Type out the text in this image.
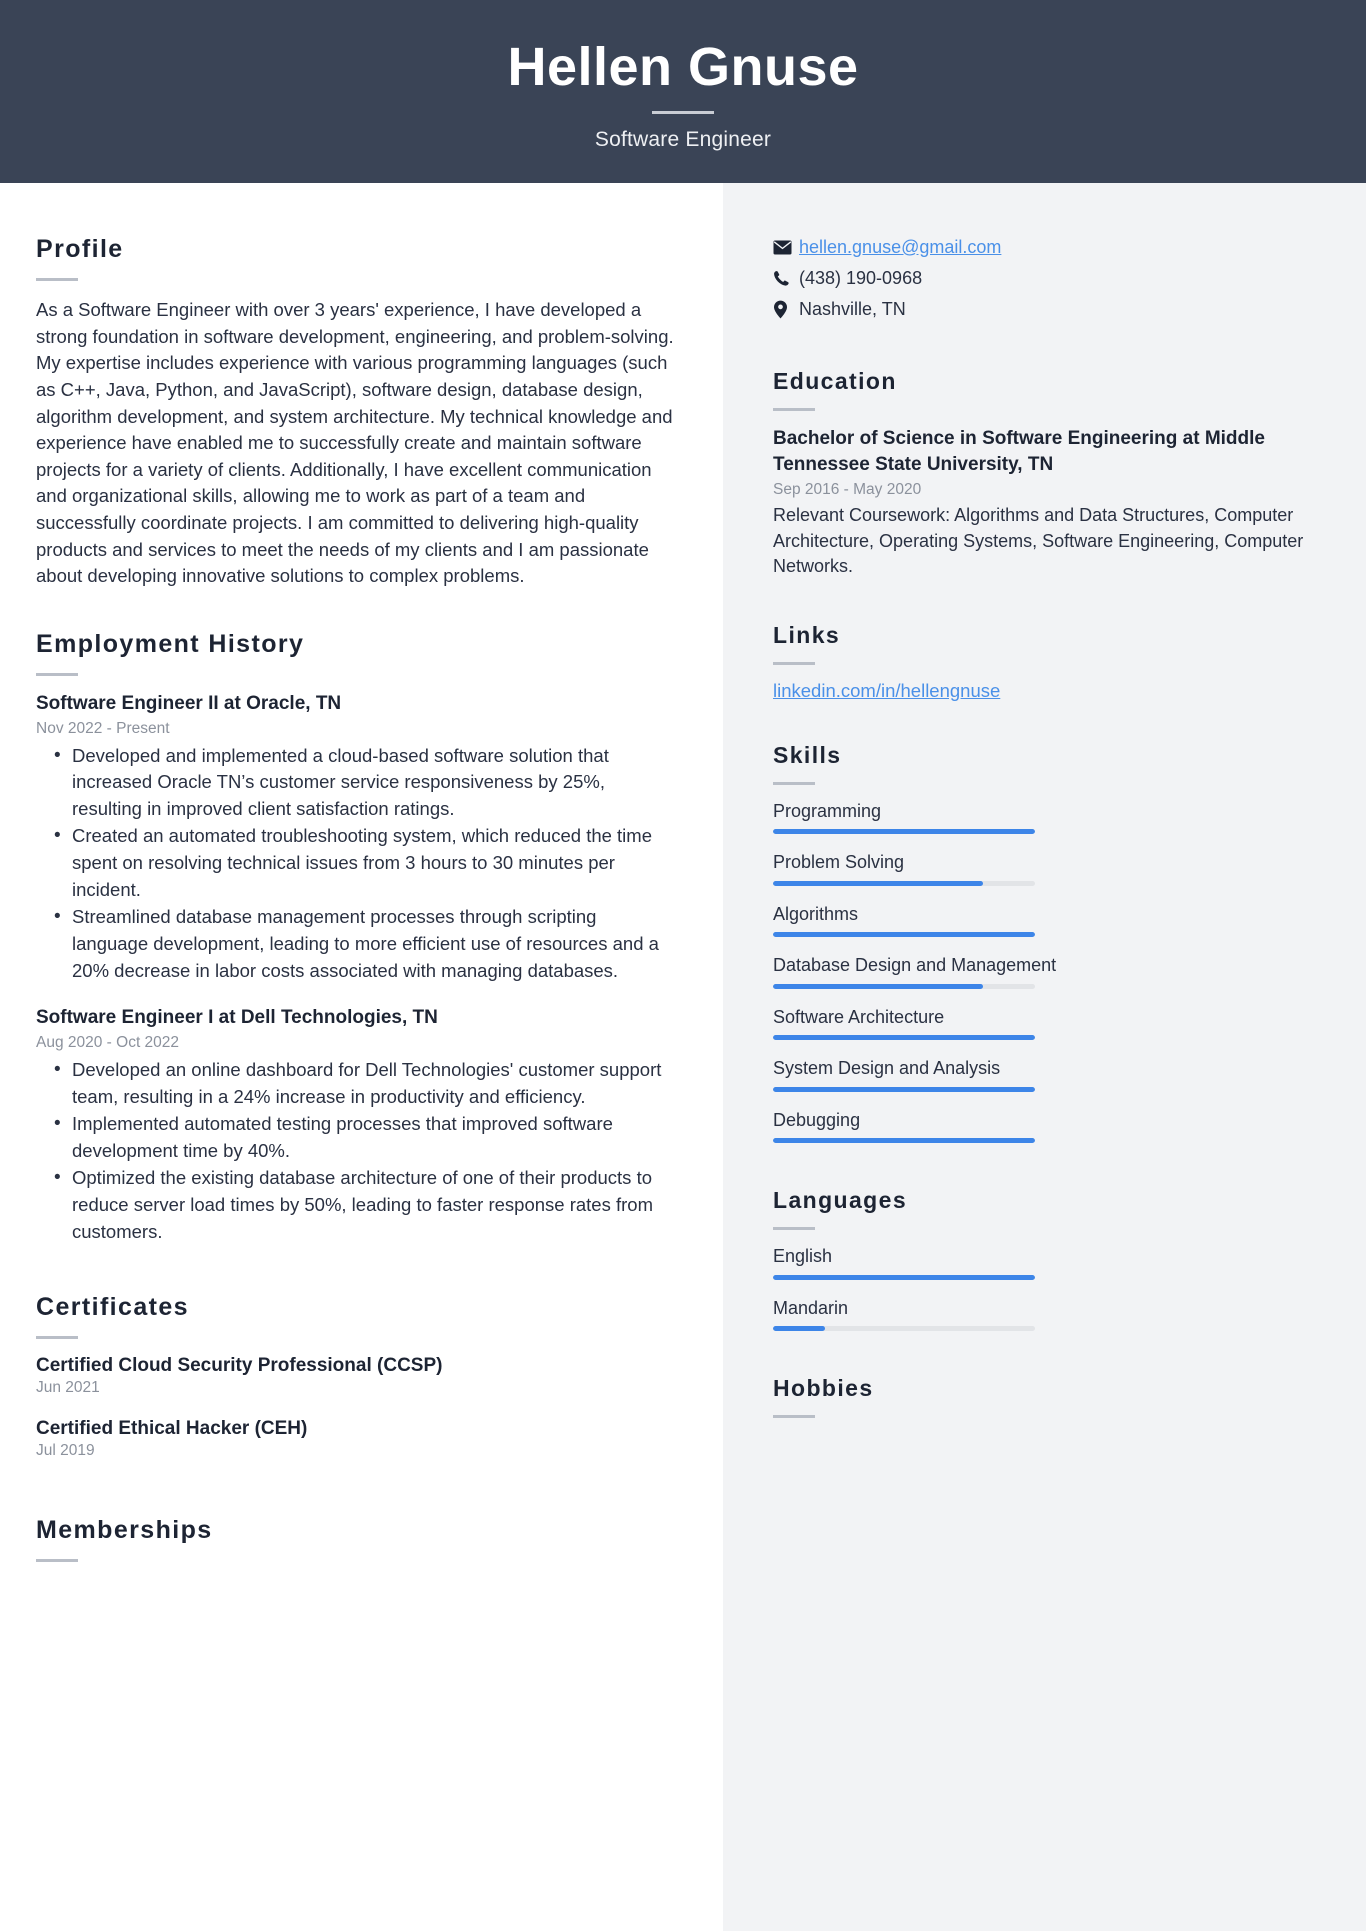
Hellen Gnuse
Software Engineer
Profile
As a Software Engineer with over 3 years' experience, I have developed a strong foundation in software development, engineering, and problem-solving. My expertise includes experience with various programming languages (such as C++, Java, Python, and JavaScript), software design, database design, algorithm development, and system architecture. My technical knowledge and experience have enabled me to successfully create and maintain software projects for a variety of clients. Additionally, I have excellent communication and organizational skills, allowing me to work as part of a team and successfully coordinate projects. I am committed to delivering high-quality products and services to meet the needs of my clients and I am passionate about developing innovative solutions to complex problems.
Employment History
Software Engineer II at Oracle, TN
Nov 2022 - Present
• Developed and implemented a cloud-based software solution that increased Oracle TN’s customer service responsiveness by 25%, resulting in improved client satisfaction ratings.
• Created an automated troubleshooting system, which reduced the time spent on resolving technical issues from 3 hours to 30 minutes per incident.
• Streamlined database management processes through scripting language development, leading to more efficient use of resources and a 20% decrease in labor costs associated with managing databases.
Software Engineer I at Dell Technologies, TN
Aug 2020 - Oct 2022
• Developed an online dashboard for Dell Technologies' customer support team, resulting in a 24% increase in productivity and efficiency.
• Implemented automated testing processes that improved software development time by 40%.
• Optimized the existing database architecture of one of their products to reduce server load times by 50%, leading to faster response rates from customers.
Certificates
Certified Cloud Security Professional (CCSP)
Jun 2021
Certified Ethical Hacker (CEH)
Jul 2019
Memberships
hellen.gnuse@gmail.com
(438) 190-0968
Nashville, TN
Education
Bachelor of Science in Software Engineering at Middle Tennessee State University, TN
Sep 2016 - May 2020
Relevant Coursework: Algorithms and Data Structures, Computer Architecture, Operating Systems, Software Engineering, Computer Networks.
Links
linkedin.com/in/hellengnuse
Skills
Programming
Problem Solving
Algorithms
Database Design and Management
Software Architecture
System Design and Analysis
Debugging
Languages
English
Mandarin
Hobbies
